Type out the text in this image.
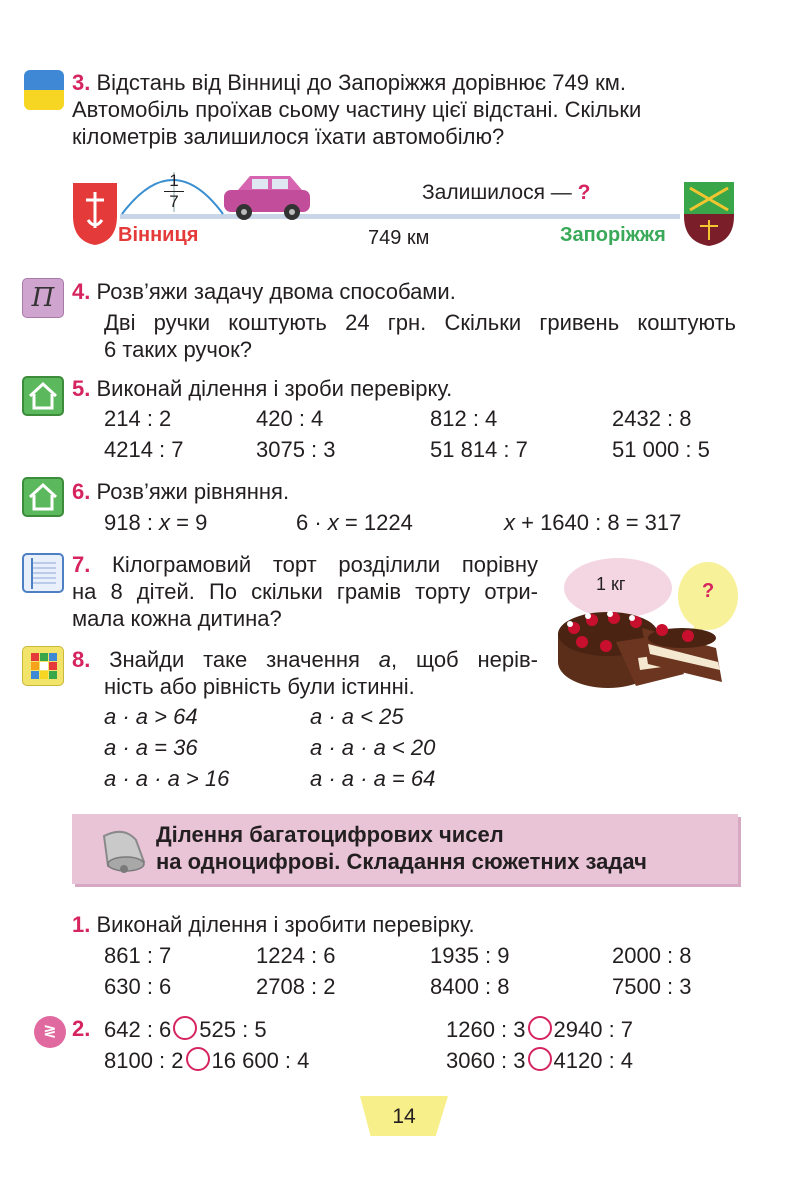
3. Відстань від Вінниці до Запоріжжя дорівнює 749 км.
Автомобіль проїхав сьому частину цієї відстані. Скільки
кілометрів залишилося їхати автомобілю?
1
7	Залишилося — ?
Вінниця	749 км	Запоріжжя
Π 4. Розв’яжи задачу двома способами.
Дві ручки коштують 24 грн. Скільки гривень коштують
6 таких ручок?
5. Виконай ділення і зроби перевірку.
214 : 2	420 : 4	812 : 4	2432 : 8
4214 : 7	3075 : 3	51 814 : 7	51 000 : 5
6. Розв’яжи рівняння.
918 : x = 9	6 · x = 1224	x + 1640 : 8 = 317
7. Кілограмовий торт розділили порівну
на 8 дітей. По скільки грамів торту отри-
мала кожна дитина?
1 кг	?
8. Знайди таке значення а, щоб нерів-
ність або рівність були істинні.
а · а > 64	а · а < 25
а · а = 36	а · а · а < 20
а · а · а > 16	а · а · а = 64
Ділення багатоцифрових чисел
на одноцифрові. Складання сюжетних задач
1. Виконай ділення і зробити перевірку.
861 : 7	1224 : 6	1935 : 9	2000 : 8
630 : 6	2708 : 2	8400 : 8	7500 : 3
≷ 2. 642 : 6 525 : 5	1260 : 3 2940 : 7
8100 : 2 16 600 : 4	3060 : 3 4120 : 4
14
